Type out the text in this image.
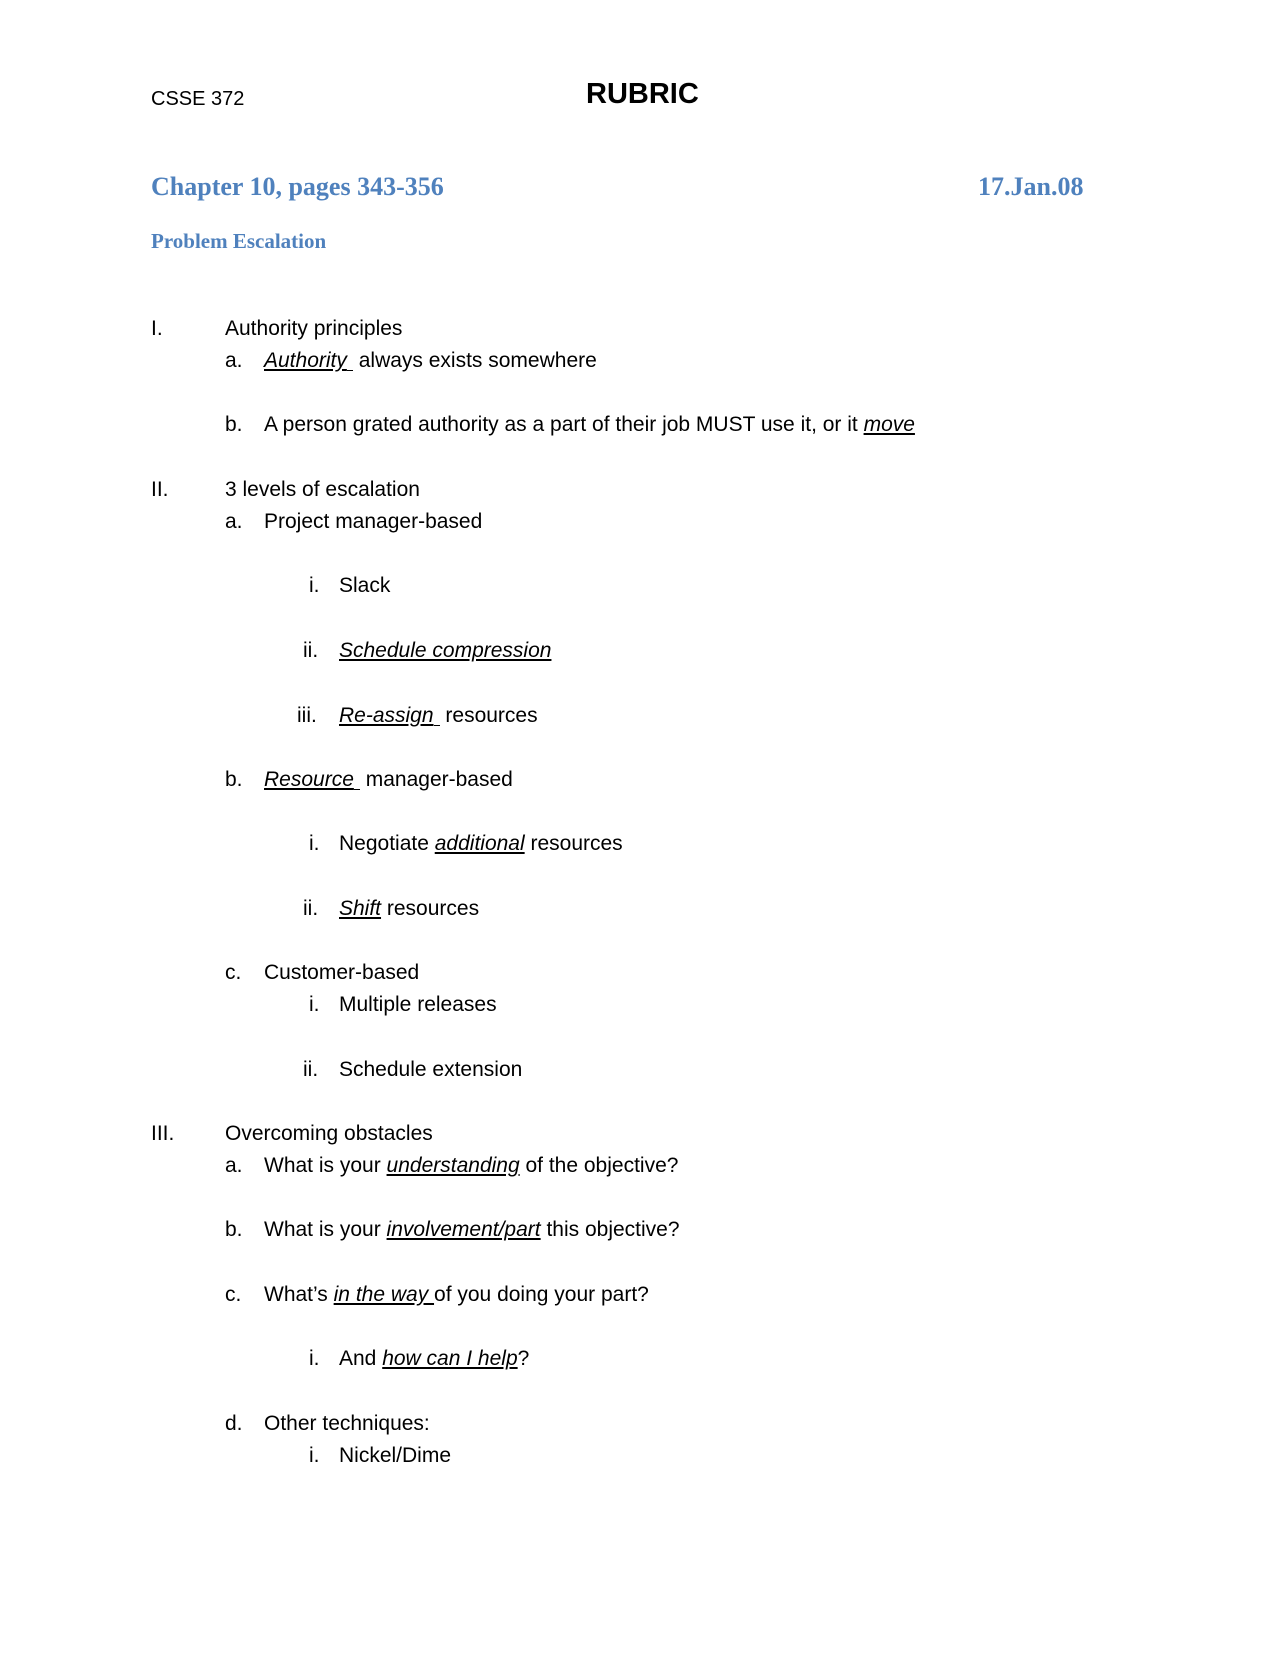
CSSE 372	RUBRIC
Chapter 10, pages 343-356	17.Jan.08
Problem Escalation
I.	Authority principles
a. Authority always exists somewhere
b. A person grated authority as a part of their job MUST use it, or it move
II.	3 levels of escalation
a. Project manager-based
i. Slack
ii. Schedule compression
iii. Re-assign resources
b. Resource manager-based
i. Negotiate additional resources
ii. Shift resources
c. Customer-based
i. Multiple releases
ii. Schedule extension
III. Overcoming obstacles
a. What is your understanding of the objective?
b. What is your involvement/part this objective?
c. What’s in the way of you doing your part?
i. And how can I help?
d. Other techniques:
i. Nickel/Dime
